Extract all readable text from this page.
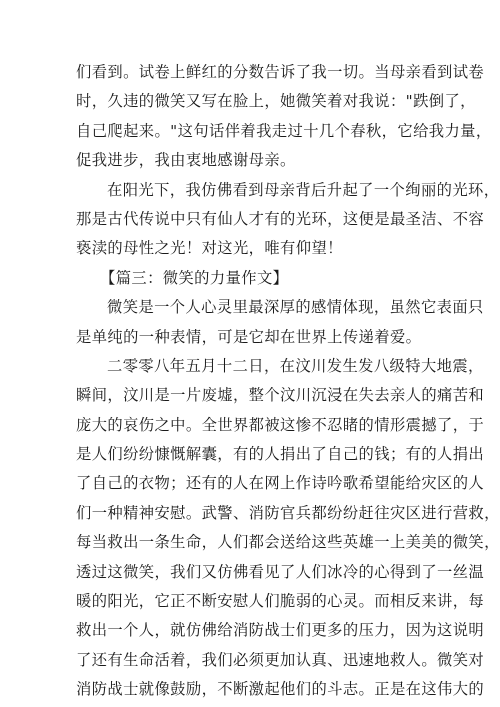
们看到。试卷上鲜红的分数告诉了我一切。当母亲看到试卷
时，久违的微笑又写在脸上，她微笑着对我说："跌倒了，
自己爬起来。"这句话伴着我走过十几个春秋，它给我力量，
促我进步，我由衷地感谢母亲。
在阳光下，我仿佛看到母亲背后升起了一个绚丽的光环，
那是古代传说中只有仙人才有的光环，这便是最圣洁、不容
亵渎的母性之光！对这光，唯有仰望！
【篇三：微笑的力量作文】
微笑是一个人心灵里最深厚的感情体现，虽然它表面只
是单纯的一种表情，可是它却在世界上传递着爱。
二零零八年五月十二日，在汶川发生发八级特大地震，
瞬间，汶川是一片废墟，整个汶川沉浸在失去亲人的痛苦和
庞大的哀伤之中。全世界都被这惨不忍睹的情形震撼了，于
是人们纷纷慷慨解囊，有的人捐出了自己的钱；有的人捐出
了自己的衣物；还有的人在网上作诗吟歌希望能给灾区的人
们一种精神安慰。武警、消防官兵都纷纷赶往灾区进行营救，
每当救出一条生命，人们都会送给这些英雄一上美美的微笑，
透过这微笑，我们又仿佛看见了人们冰冷的心得到了一丝温
暖的阳光，它正不断安慰人们脆弱的心灵。而相反来讲，每
救出一个人，就仿佛给消防战士们更多的压力，因为这说明
了还有生命活着，我们必须更加认真、迅速地救人。微笑对
消防战士就像鼓励，不断激起他们的斗志。正是在这伟大的
